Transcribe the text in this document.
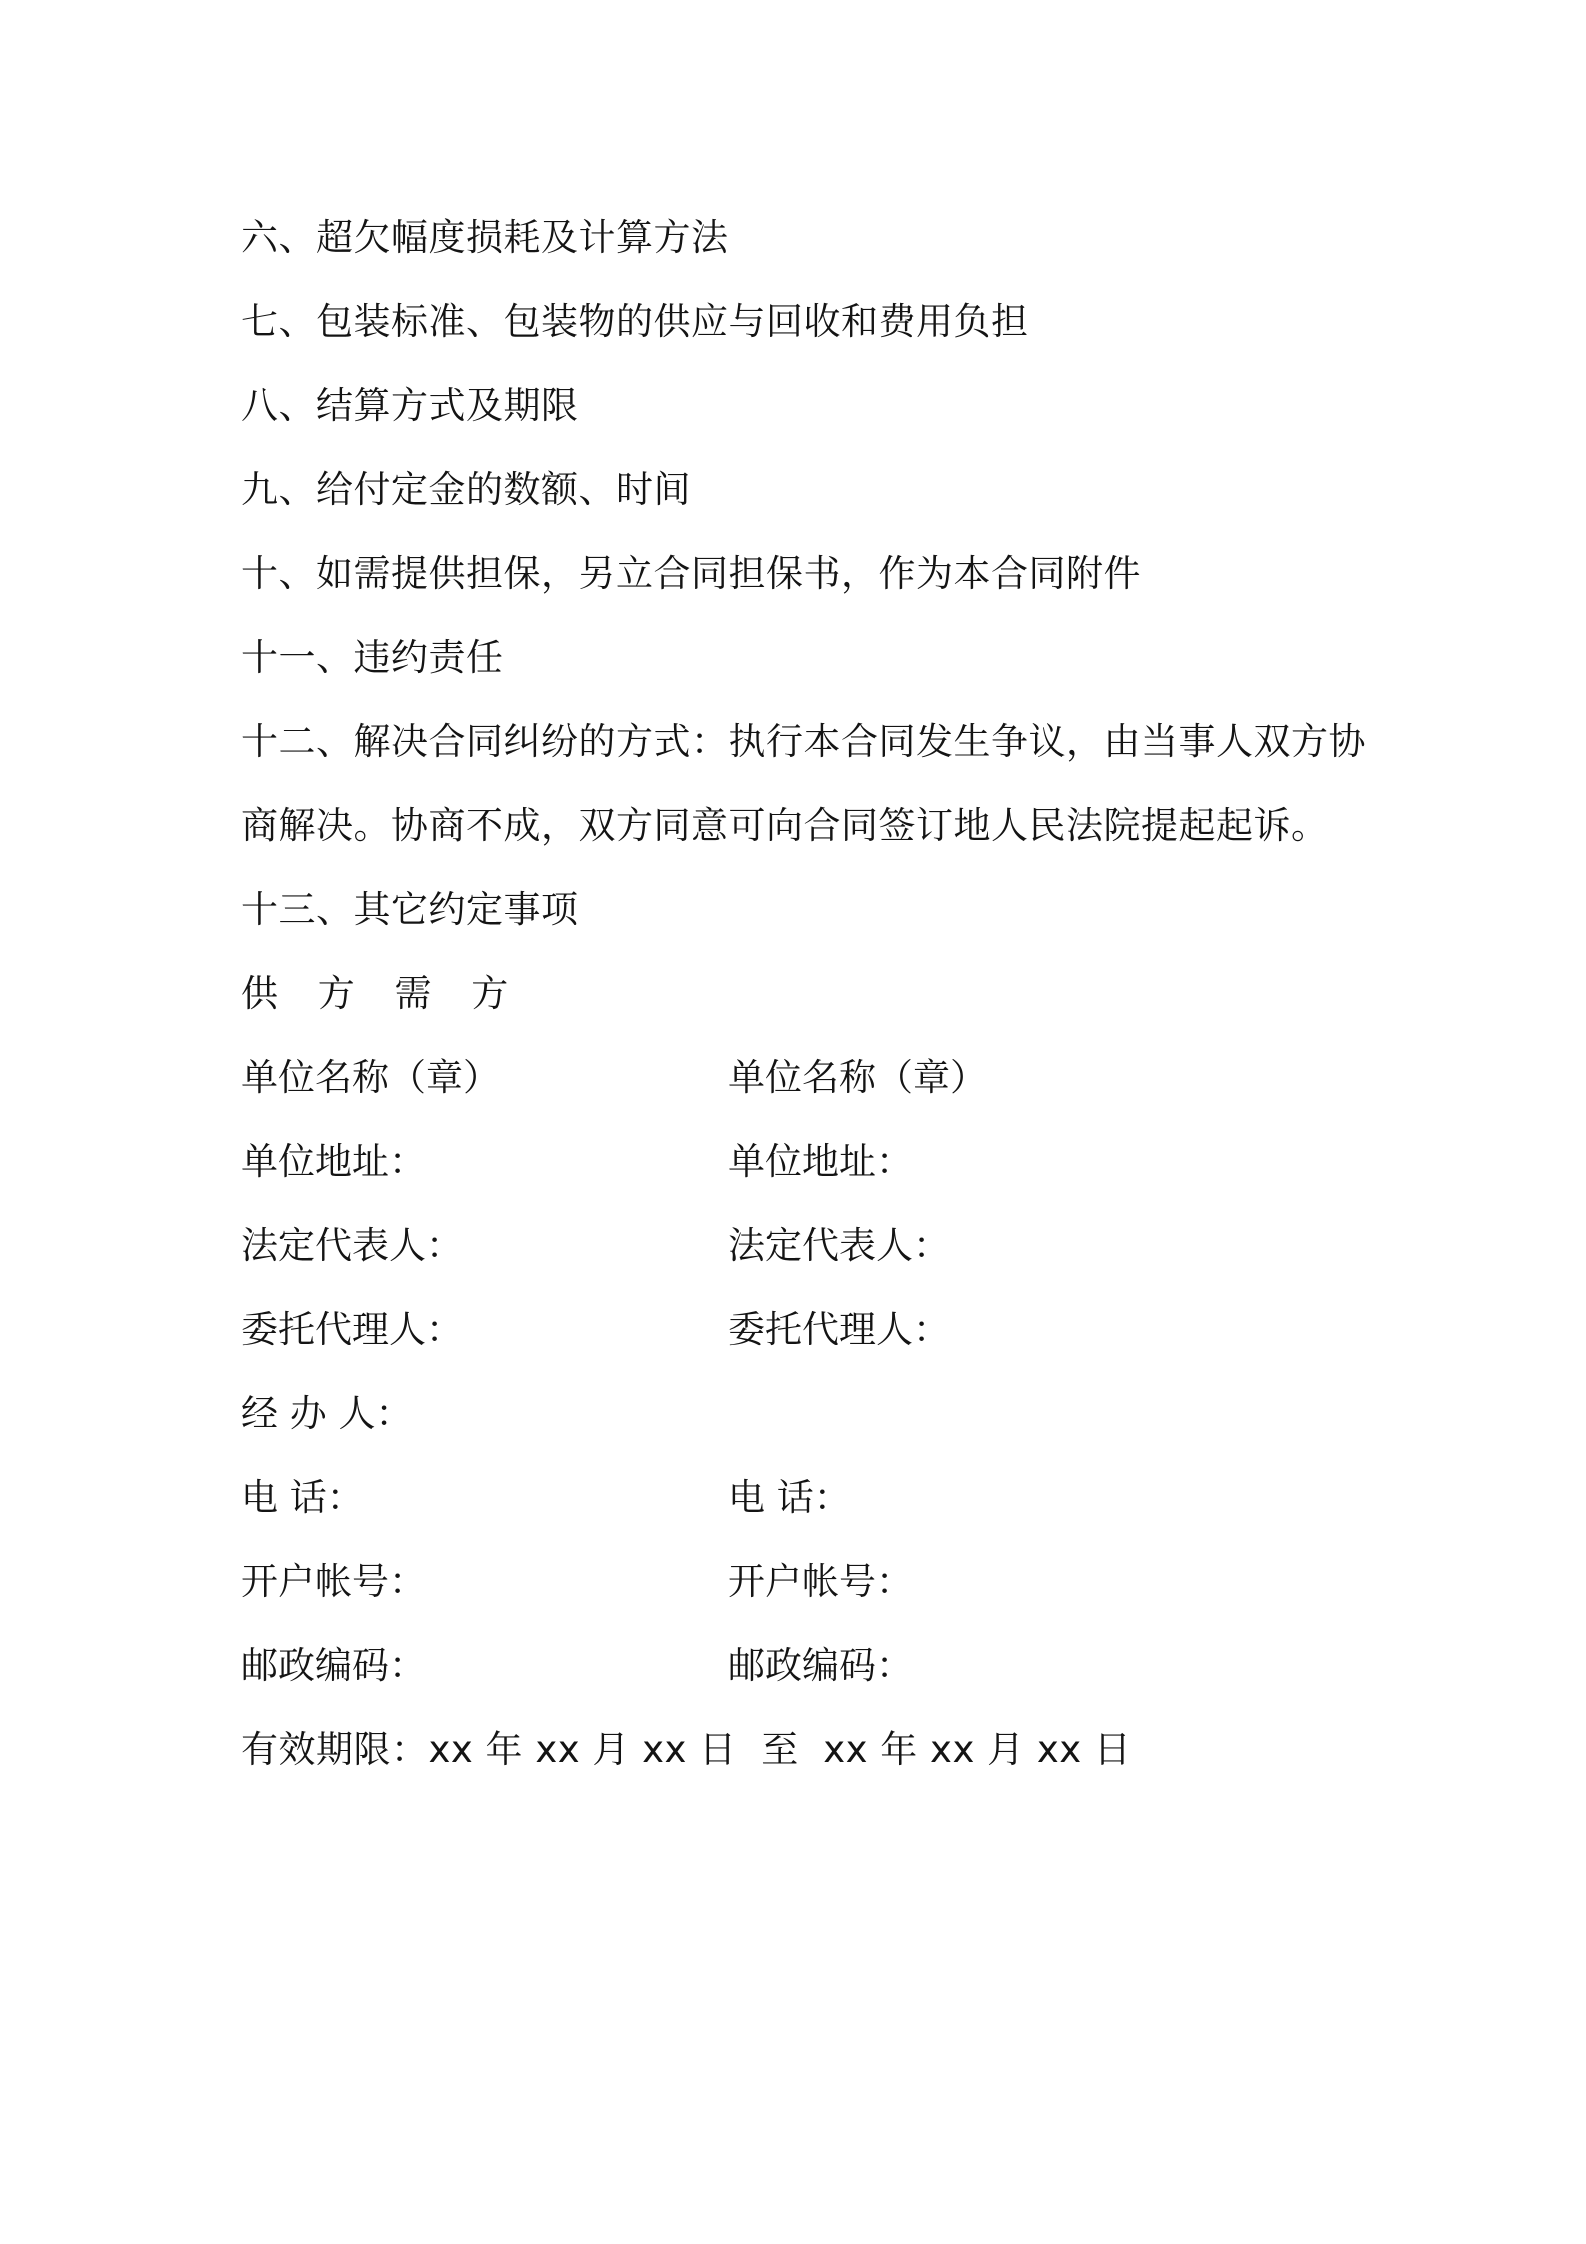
六、超欠幅度损耗及计算方法
七、包装标准、包装物的供应与回收和费用负担
八、结算方式及期限
九、给付定金的数额、时间
十、如需提供担保，另立合同担保书，作为本合同附件
十一、违约责任
十二、解决合同纠纷的方式：执行本合同发生争议，由当事人双方协
商解决。协商不成，双方同意可向合同签订地人民法院提起起诉。
十三、其它约定事项
供 方 需 方
单位名称（章）	单位名称（章）
单位地址：	单位地址：
法定代表人：	法定代表人：
委托代理人：	委托代理人：
经 办 人：
电 话：	电 话：
开户帐号：	开户帐号：
邮政编码：	邮政编码：
有效期限：xx 年 xx 月 xx 日  至  xx 年 xx 月 xx 日
